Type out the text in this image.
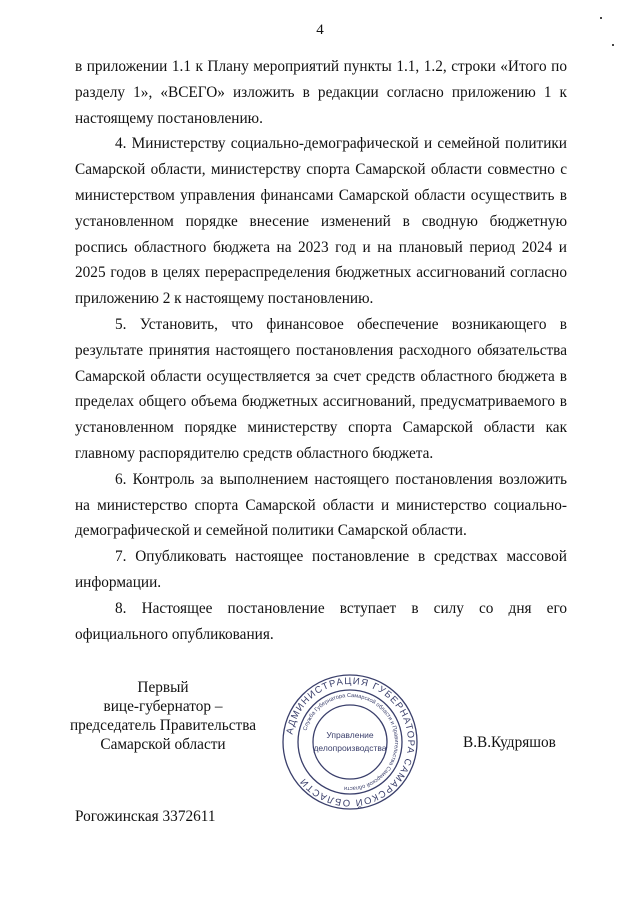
4

в приложении 1.1 к Плану мероприятий пункты 1.1, 1.2, строки «Итого по разделу 1», «ВСЕГО» изложить в редакции согласно приложению 1 к настоящему постановлению.

4. Министерству социально-демографической и семейной политики Самарской области, министерству спорта Самарской области совместно с министерством управления финансами Самарской области осуществить в установленном порядке внесение изменений в сводную бюджетную роспись областного бюджета на 2023 год и на плановый период 2024 и 2025 годов в целях перераспределения бюджетных ассигнований согласно приложению 2 к настоящему постановлению.

5. Установить, что финансовое обеспечение возникающего в результате принятия настоящего постановления расходного обязательства Самарской области осуществляется за счет средств областного бюджета в пределах общего объема бюджетных ассигнований, предусматриваемого в установленном порядке министерству спорта Самарской области как главному распорядителю средств областного бюджета.

6. Контроль за выполнением настоящего постановления возложить на министерство спорта Самарской области и министерство социально-демографической и семейной политики Самарской области.

7. Опубликовать настоящее постановление в средствах массовой информации.

8. Настоящее постановление вступает в силу со дня его официального опубликования.

Первый
вице-губернатор –
председатель Правительства
Самарской области
АДМИНИСТРАЦИЯ ГУБЕРНАТОРА САМАРСКОЙ ОБЛАСТИ
Служба Губернатора Самарской области и Правительства Самарской области
Управление
делопроизводства	В.В.Кудряшов
Рогожинская 3372611
